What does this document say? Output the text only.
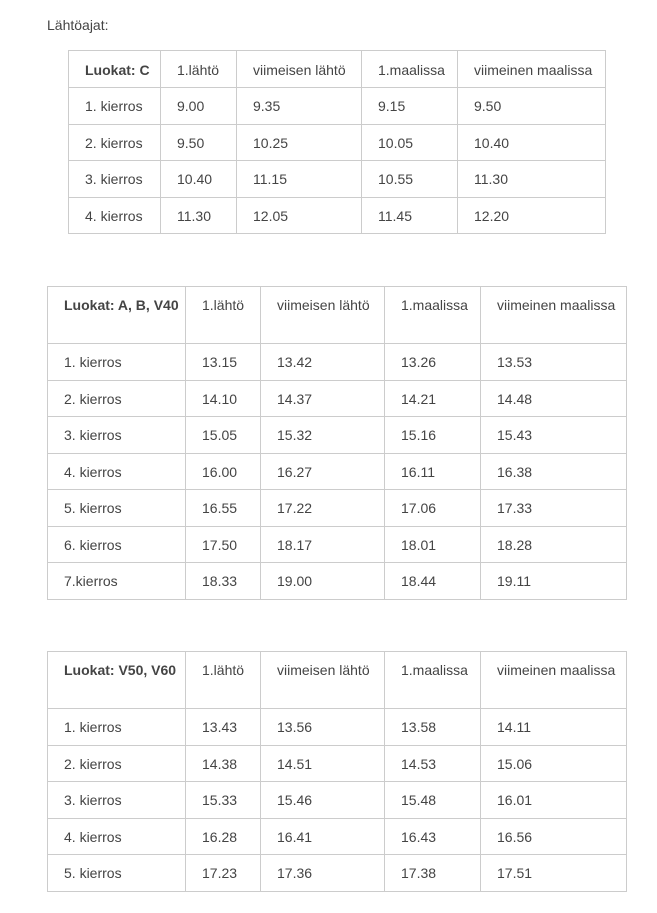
Lähtöajat:
Luokat: C	1.lähtö	viimeisen lähtö	1.maalissa	viimeinen maalissa
1. kierros	9.00	9.35	9.15	9.50
2. kierros	9.50	10.25	10.05	10.40
3. kierros	10.40	11.15	10.55	11.30
4. kierros	11.30	12.05	11.45	12.20
Luokat: A, B, V40	1.lähtö	viimeisen lähtö	1.maalissa	viimeinen maalissa
1. kierros	13.15	13.42	13.26	13.53
2. kierros	14.10	14.37	14.21	14.48
3. kierros	15.05	15.32	15.16	15.43
4. kierros	16.00	16.27	16.11	16.38
5. kierros	16.55	17.22	17.06	17.33
6. kierros	17.50	18.17	18.01	18.28
7.kierros	18.33	19.00	18.44	19.11
Luokat: V50, V60	1.lähtö	viimeisen lähtö	1.maalissa	viimeinen maalissa
1. kierros	13.43	13.56	13.58	14.11
2. kierros	14.38	14.51	14.53	15.06
3. kierros	15.33	15.46	15.48	16.01
4. kierros	16.28	16.41	16.43	16.56
5. kierros	17.23	17.36	17.38	17.51
